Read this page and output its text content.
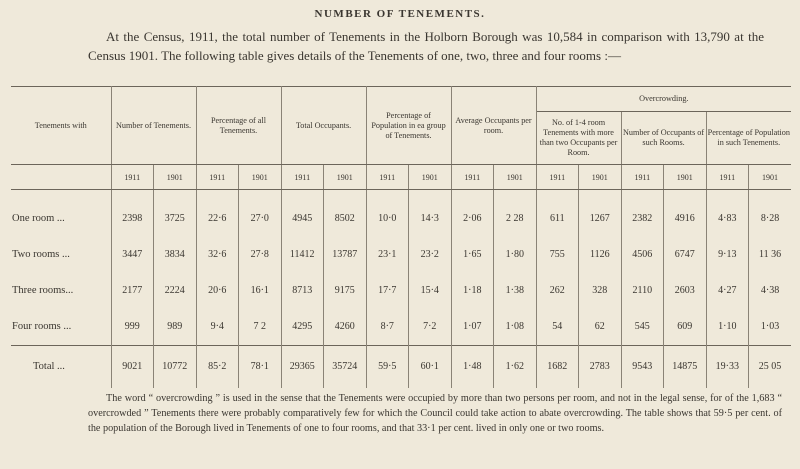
NUMBER OF TENEMENTS.
At the Census, 1911, the total number of Tenements in the Holborn Borough was 10,584 in comparison with 13,790 at the Census 1901. The following table gives details of the Tenements of one, two, three and four rooms :—
Tenements with	Number of Tenements.		Percentage of all Tenements.		Total Occupants.		Percentage of Population in ea group of Tenements.		Average Occupants per room.		Overcrowding.					
											No. of 1-4 room Tenements with more than two Occupants per Room.		Number of Occupants of such Rooms.		Percentage of Population in such Tenements.	
	1911	1901	1911	1901	1911	1901	1911	1901	1911	1901	1911	1901	1911	1901	1911	1901

One room ...	2398	3725	22·6	27·0	4945	8502	10·0	14·3	2·06	2 28	611	1267	2382	4916	4·83	8·28
Two rooms ...	3447	3834	32·6	27·8	11412	13787	23·1	23·2	1·65	1·80	755	1126	4506	6747	9·13	11 36
Three rooms...	2177	2224	20·6	16·1	8713	9175	17·7	15·4	1·18	1·38	262	328	2110	2603	4·27	4·38
Four rooms ...	999	989	9·4	7 2	4295	4260	8·7	7·2	1·07	1·08	54	62	545	609	1·10	1·03
Total ...	9021	10772	85·2	78·1	29365	35724	59·5	60·1	1·48	1·62	1682	2783	9543	14875	19·33	25 05
The word “ overcrowding ” is used in the sense that the Tenements were occupied by more than two persons per room, and not in the legal sense, for of the 1,683 “ overcrowded ” Tenements there were probably comparatively few for which the Council could take action to abate overcrowding. The table shows that 59·5 per cent. of the population of the Borough lived in Tenements of one to four rooms, and that 33·1 per cent. lived in only one or two rooms.
